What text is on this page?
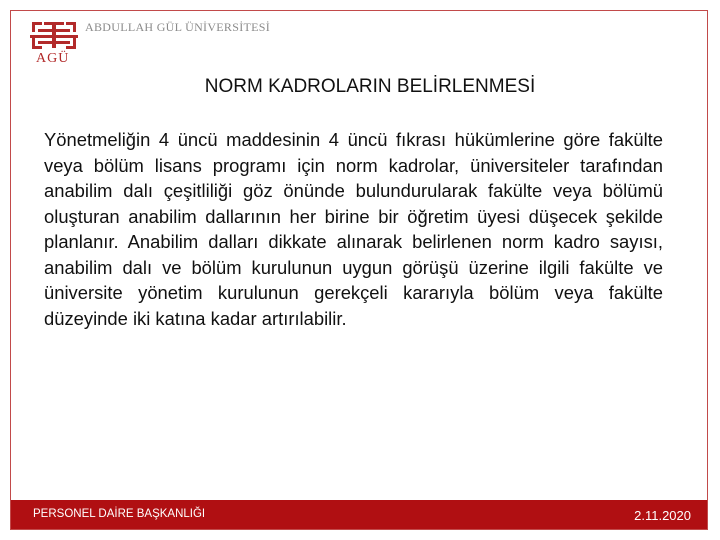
AGÜ
ABDULLAH GÜL ÜNİVERSİTESİ
NORM KADROLARIN BELİRLENMESİ
Yönetmeliğin 4 üncü maddesinin 4 üncü fıkrası hükümlerine göre fakülte veya bölüm lisans programı için norm kadrolar, üniversiteler tarafından anabilim dalı çeşitliliği göz önünde bulundurularak fakülte veya bölümü oluşturan anabilim dallarının her birine bir öğretim üyesi düşecek şekilde planlanır. Anabilim dalları dikkate alınarak belirlenen norm kadro sayısı, anabilim dalı ve bölüm kurulunun uygun görüşü üzerine ilgili fakülte ve üniversite yönetim kurulunun gerekçeli kararıyla bölüm veya fakülte düzeyinde iki katına kadar artırılabilir.
PERSONEL DAİRE BAŞKANLIĞI	2.11.2020
